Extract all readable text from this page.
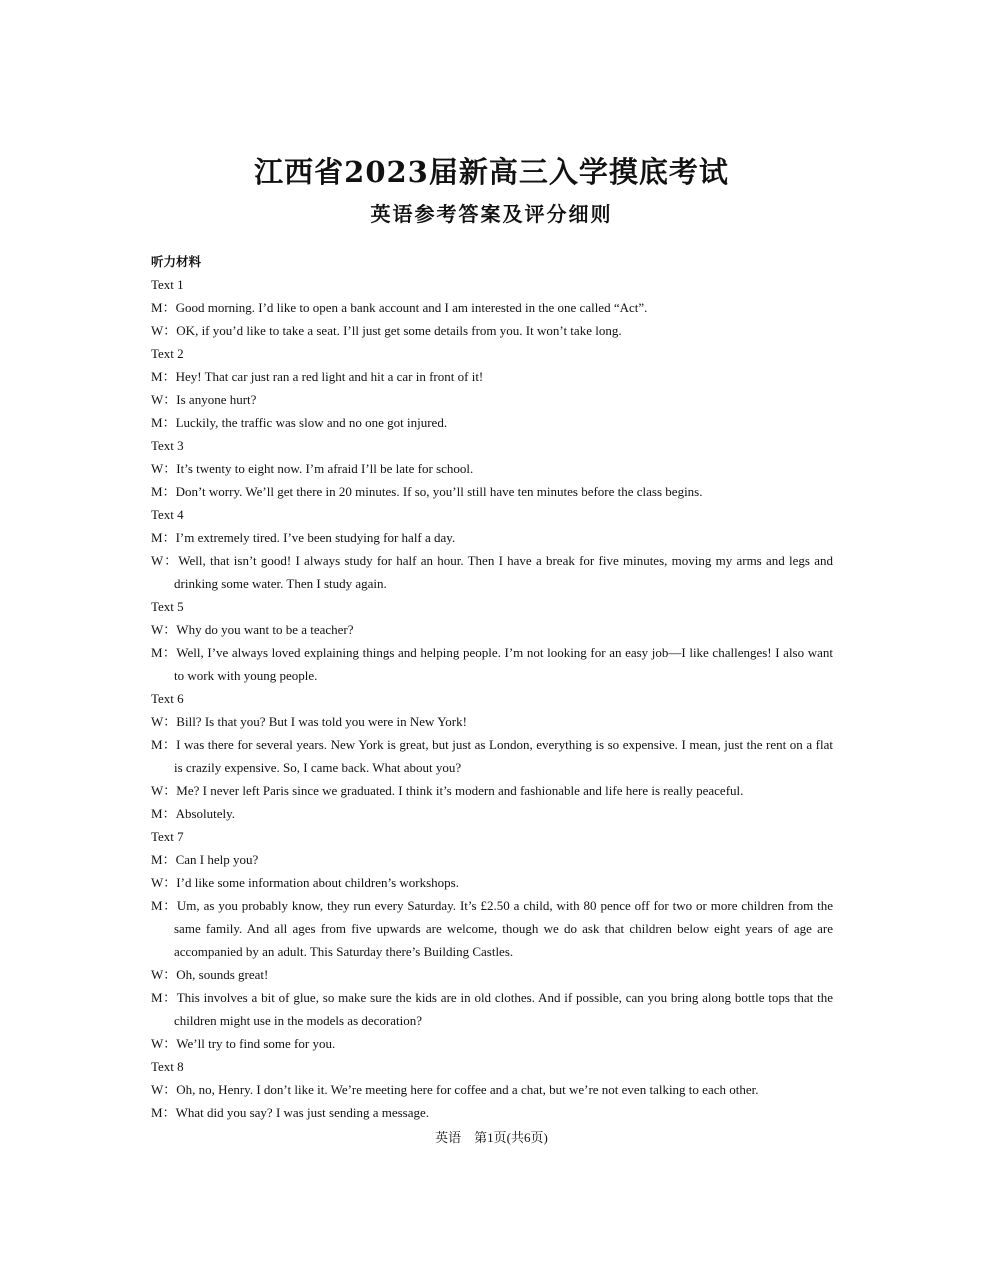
江西省2023届新高三入学摸底考试
英语参考答案及评分细则
听力材料
Text 1
M ： Good morning. I’d like to open a bank account and I am interested in the one called “Act”.
W ： OK, if you’d like to take a seat. I’ll just get some details from you. It won’t take long.
Text 2
M ： Hey! That car just ran a red light and hit a car in front of it!
W ： Is anyone hurt?
M ： Luckily, the traffic was slow and no one got injured.
Text 3
W ： It’s twenty to eight now. I’m afraid I’ll be late for school.
M ： Don’t worry. We’ll get there in 20 minutes. If so, you’ll still have ten minutes before the class begins.
Text 4
M ： I’m extremely tired. I’ve been studying for half a day.
W ： Well, that isn’t good! I always study for half an hour. Then I have a break for five minutes, moving my arms and legs and drinking some water. Then I study again.
Text 5
W ： Why do you want to be a teacher?
M ： Well, I’ve always loved explaining things and helping people. I’m not looking for an easy job—I like challenges! I also want to work with young people.
Text 6
W ： Bill? Is that you? But I was told you were in New York!
M ： I was there for several years. New York is great, but just as London, everything is so expensive. I mean, just the rent on a flat is crazily expensive. So, I came back. What about you?
W ： Me? I never left Paris since we graduated. I think it’s modern and fashionable and life here is really peaceful.
M ： Absolutely.
Text 7
M ： Can I help you?
W ： I’d like some information about children’s workshops.
M ： Um, as you probably know, they run every Saturday. It’s £2.50 a child, with 80 pence off for two or more children from the same family. And all ages from five upwards are welcome, though we do ask that children below eight years of age are accompanied by an adult. This Saturday there’s Building Castles.
W ： Oh, sounds great!
M ： This involves a bit of glue, so make sure the kids are in old clothes. And if possible, can you bring along bottle tops that the children might use in the models as decoration?
W ： We’ll try to find some for you.
Text 8
W ： Oh, no, Henry. I don’t like it. We’re meeting here for coffee and a chat, but we’re not even talking to each other.
M ： What did you say? I was just sending a message.
英语　第1页(共6页)
